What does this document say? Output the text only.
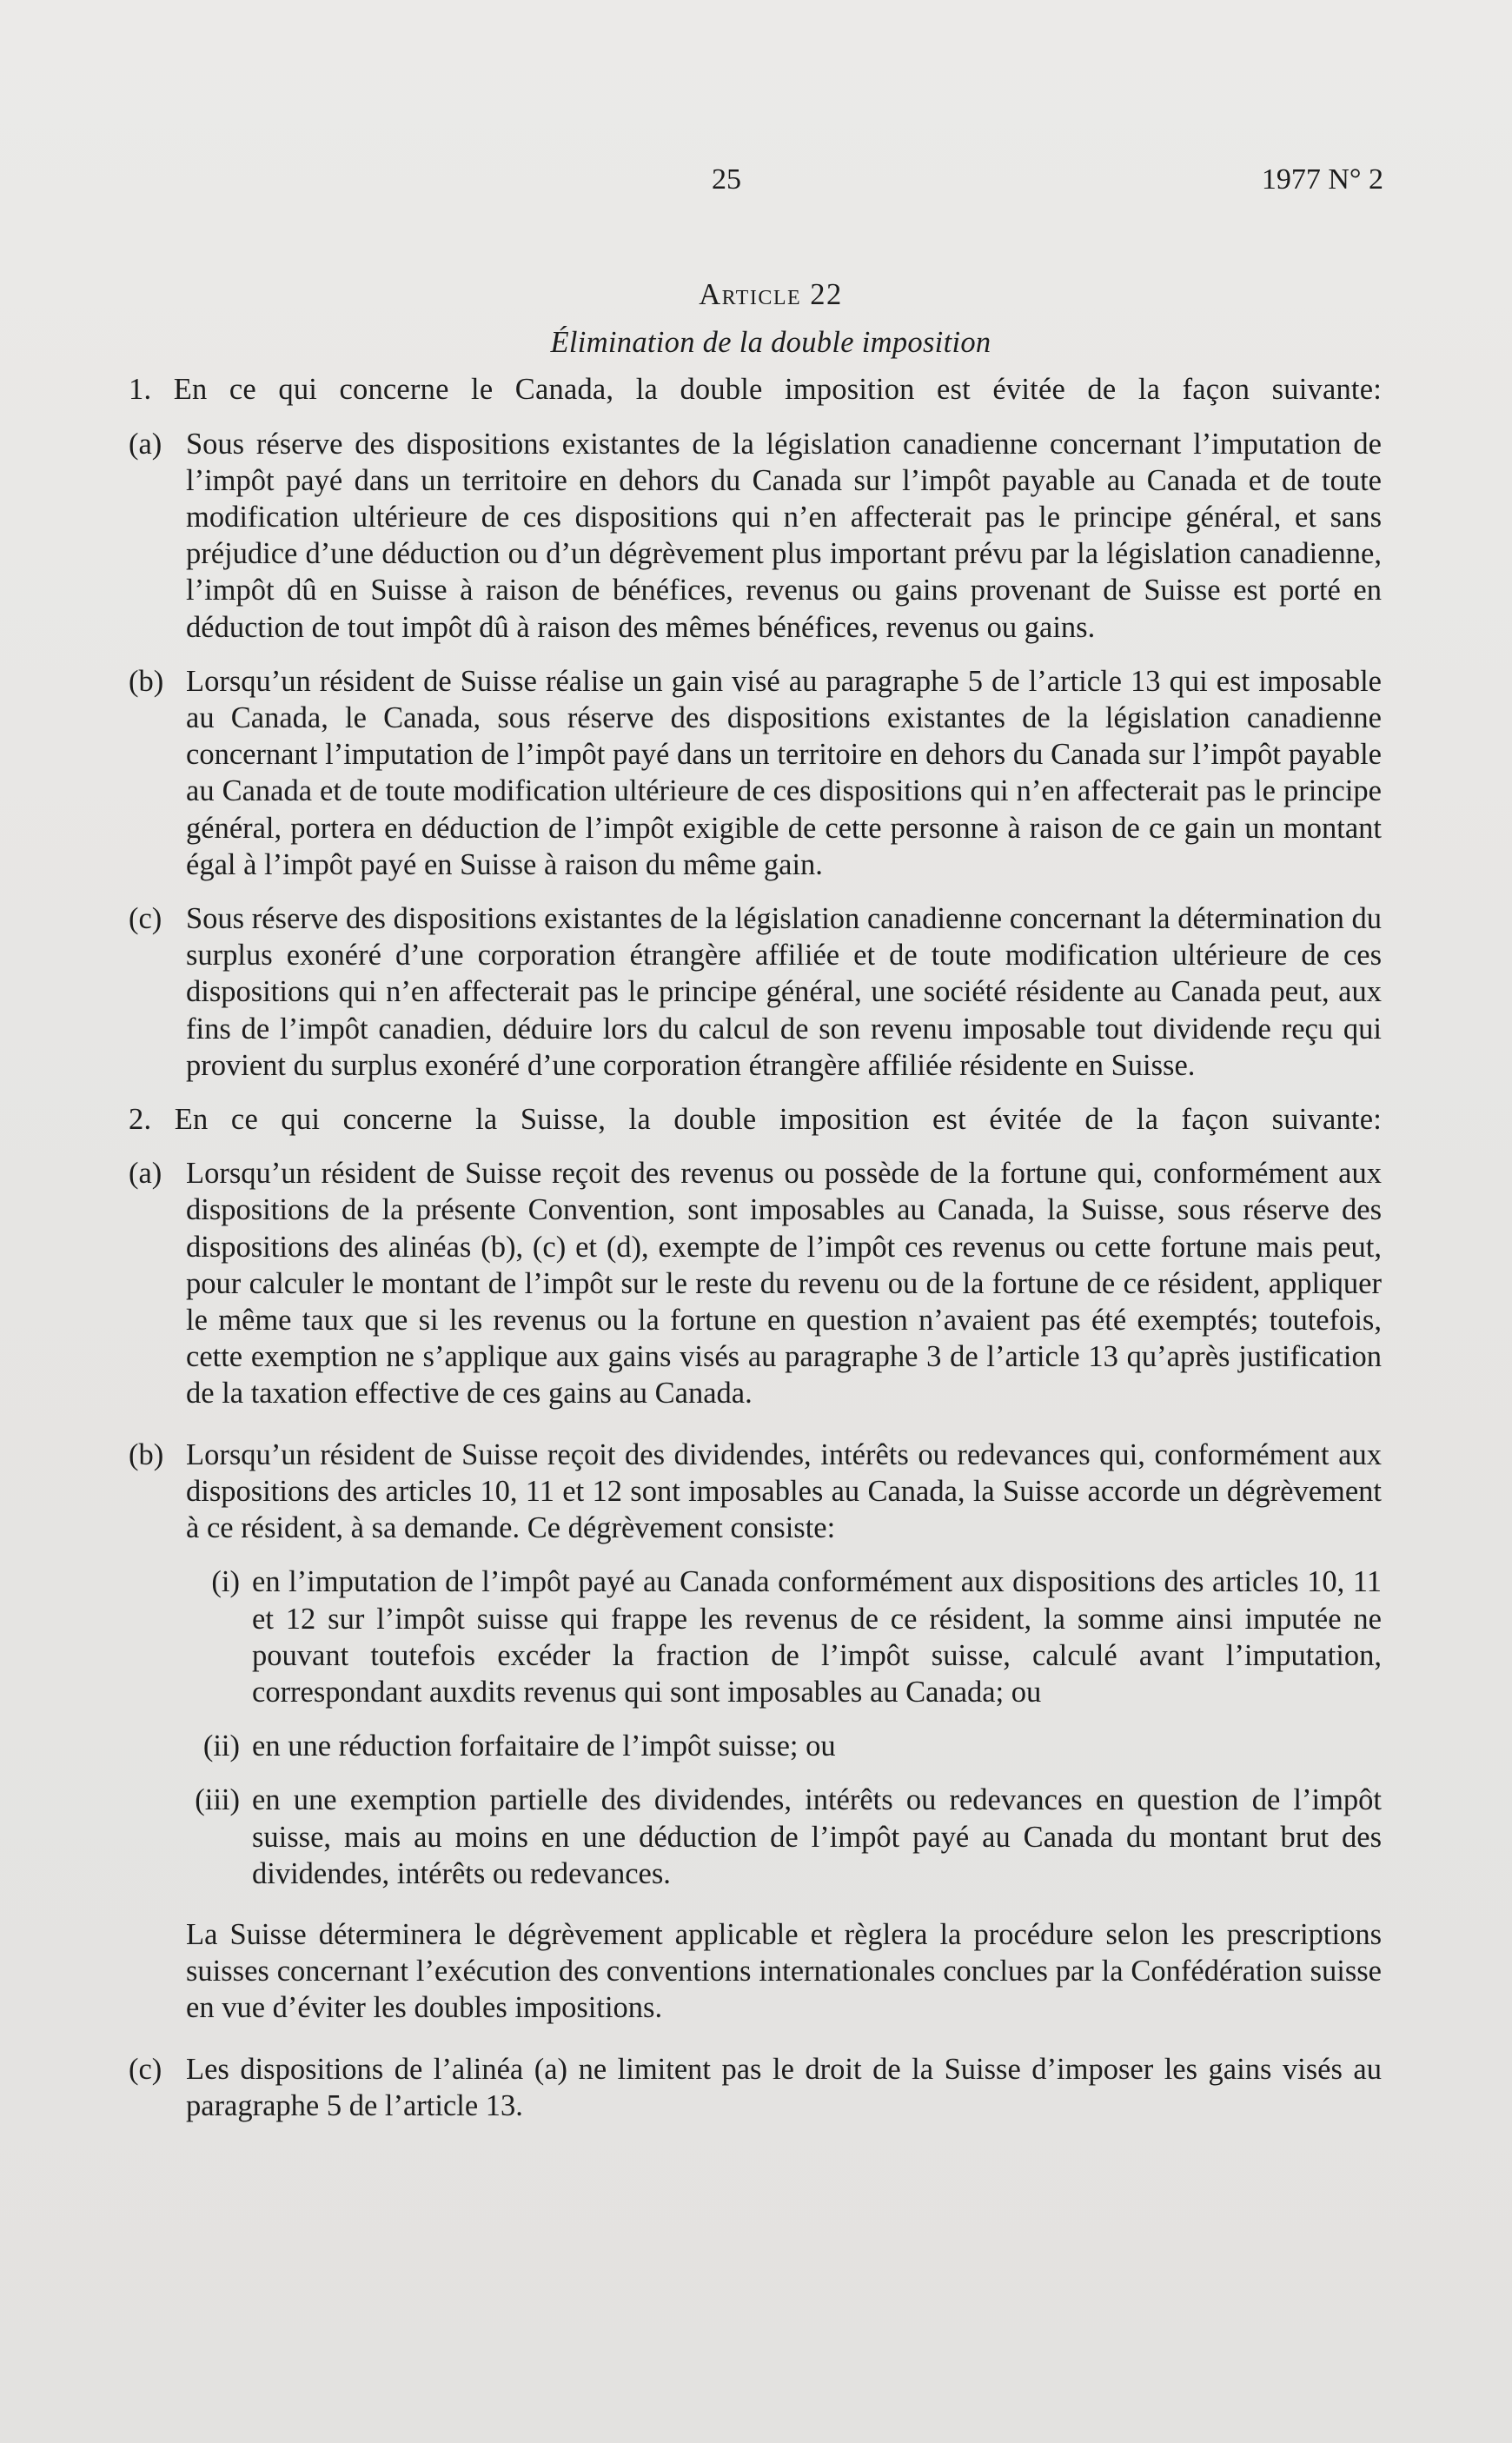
25	1977 N° 2

Article 22

Élimination de la double imposition

1. En ce qui concerne le Canada, la double imposition est évitée de la façon suivante:

(a) Sous réserve des dispositions existantes de la législation canadienne concernant l’imputation de l’impôt payé dans un territoire en dehors du Canada sur l’impôt payable au Canada et de toute modification ultérieure de ces dispositions qui n’en affecterait pas le principe général, et sans préjudice d’une déduction ou d’un dégrèvement plus important prévu par la législation canadienne, l’impôt dû en Suisse à raison de bénéfices, revenus ou gains provenant de Suisse est porté en déduction de tout impôt dû à raison des mêmes bénéfices, revenus ou gains.

(b) Lorsqu’un résident de Suisse réalise un gain visé au paragraphe 5 de l’article 13 qui est imposable au Canada, le Canada, sous réserve des dispositions existantes de la législation canadienne concernant l’imputation de l’impôt payé dans un territoire en dehors du Canada sur l’impôt payable au Canada et de toute modification ultérieure de ces dispositions qui n’en affecterait pas le principe général, portera en déduction de l’impôt exigible de cette personne à raison de ce gain un montant égal à l’impôt payé en Suisse à raison du même gain.

(c) Sous réserve des dispositions existantes de la législation canadienne concernant la détermination du surplus exonéré d’une corporation étrangère affiliée et de toute modification ultérieure de ces dispositions qui n’en affecterait pas le principe général, une société résidente au Canada peut, aux fins de l’impôt canadien, déduire lors du calcul de son revenu imposable tout dividende reçu qui provient du surplus exonéré d’une corporation étrangère affiliée résidente en Suisse.

2. En ce qui concerne la Suisse, la double imposition est évitée de la façon suivante:

(a) Lorsqu’un résident de Suisse reçoit des revenus ou possède de la fortune qui, conformément aux dispositions de la présente Convention, sont imposables au Canada, la Suisse, sous réserve des dispositions des alinéas (b), (c) et (d), exempte de l’impôt ces revenus ou cette fortune mais peut, pour calculer le montant de l’impôt sur le reste du revenu ou de la fortune de ce résident, appliquer le même taux que si les revenus ou la fortune en question n’avaient pas été exemptés; toutefois, cette exemption ne s’applique aux gains visés au paragraphe 3 de l’article 13 qu’après justification de la taxation effective de ces gains au Canada.

(b) Lorsqu’un résident de Suisse reçoit des dividendes, intérêts ou redevances qui, conformément aux dispositions des articles 10, 11 et 12 sont imposables au Canada, la Suisse accorde un dégrèvement à ce résident, à sa demande. Ce dégrèvement consiste:

(i) en l’imputation de l’impôt payé au Canada conformément aux dispositions des articles 10, 11 et 12 sur l’impôt suisse qui frappe les revenus de ce résident, la somme ainsi imputée ne pouvant toutefois excéder la fraction de l’impôt suisse, calculé avant l’imputation, correspondant auxdits revenus qui sont imposables au Canada; ou

(ii) en une réduction forfaitaire de l’impôt suisse; ou

(iii) en une exemption partielle des dividendes, intérêts ou redevances en question de l’impôt suisse, mais au moins en une déduction de l’impôt payé au Canada du montant brut des dividendes, intérêts ou redevances.

La Suisse déterminera le dégrèvement applicable et règlera la procédure selon les prescriptions suisses concernant l’exécution des conventions internationales conclues par la Confédération suisse en vue d’éviter les doubles impositions.

(c) Les dispositions de l’alinéa (a) ne limitent pas le droit de la Suisse d’imposer les gains visés au paragraphe 5 de l’article 13.
